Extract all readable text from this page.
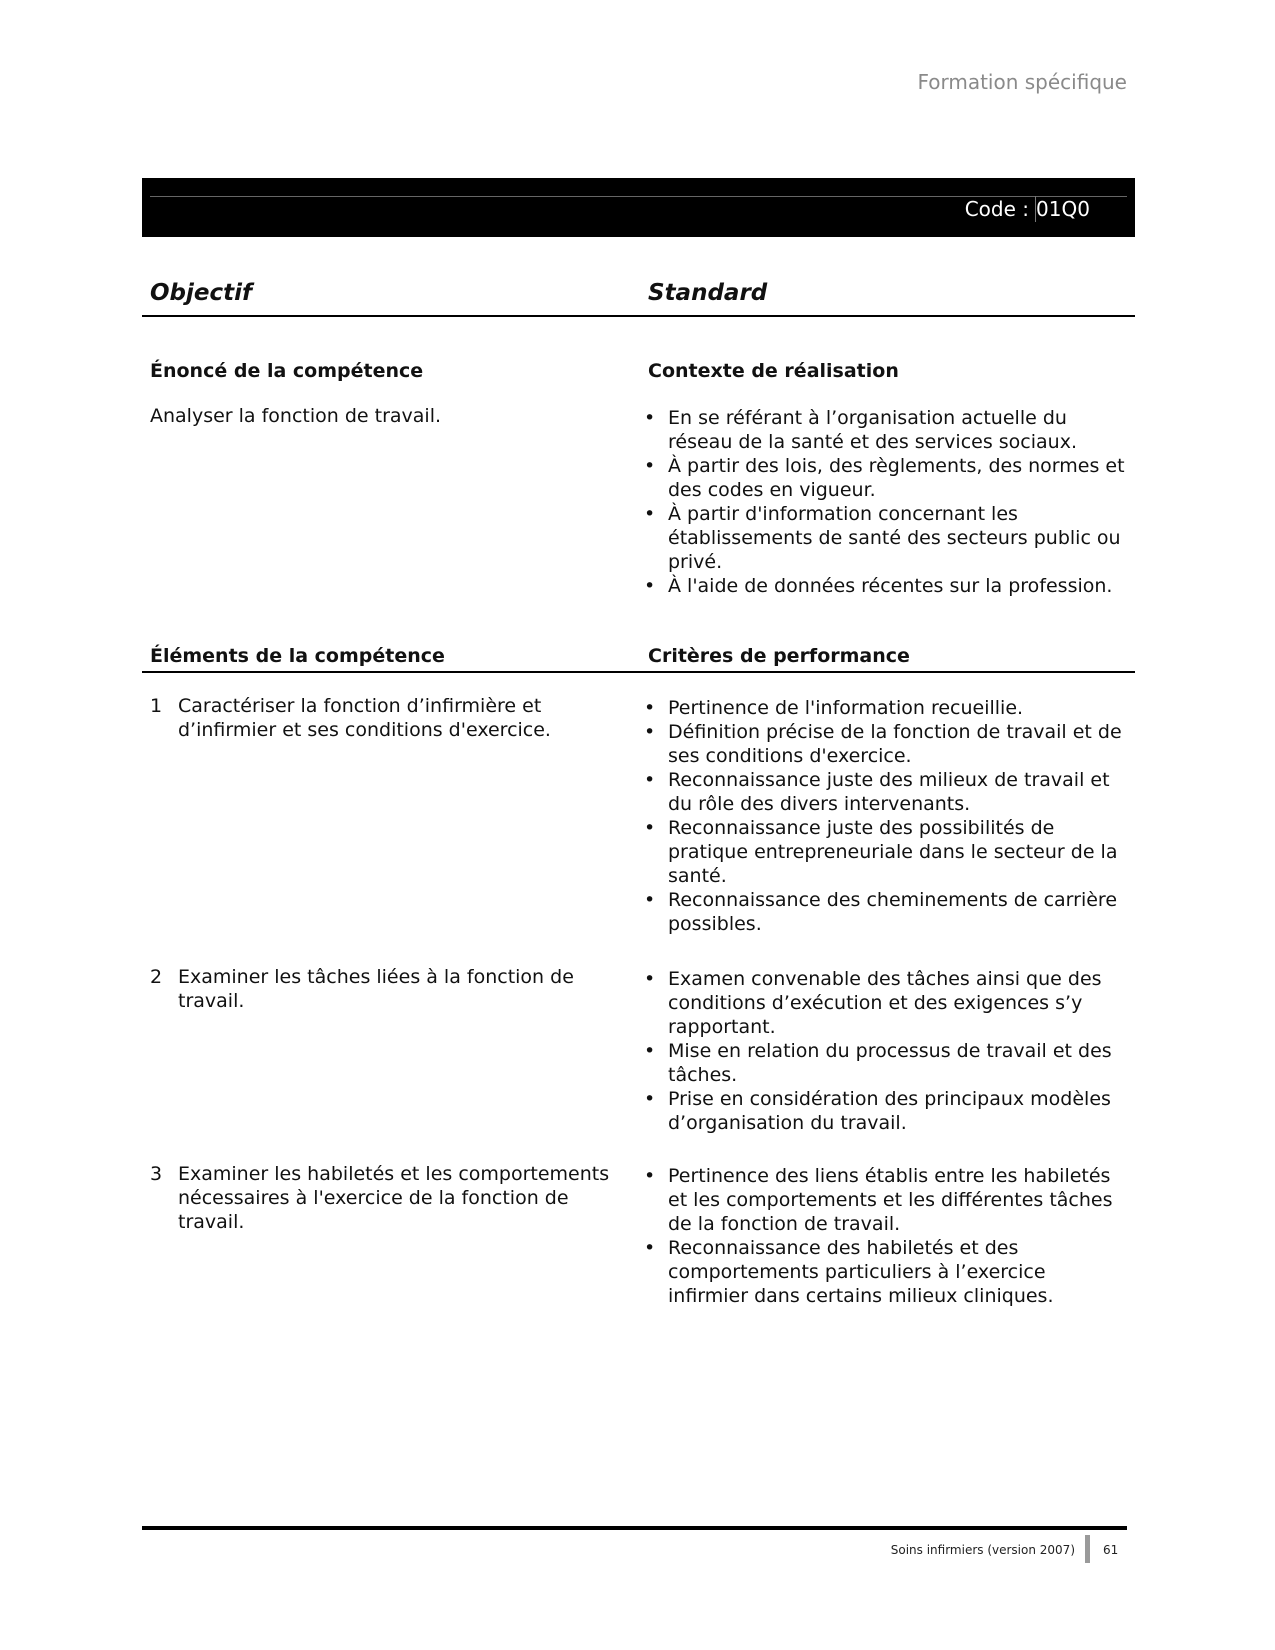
Formation spécifique
Code : 01Q0
Objectif	Standard
Énoncé de la compétence
Analyser la fonction de travail.
Contexte de réalisation
• En se référant à l’organisation actuelle du réseau de la santé et des services sociaux.
• À partir des lois, des règlements, des normes et des codes en vigueur.
• À partir d'information concernant les établissements de santé des secteurs public ou privé.
• À l'aide de données récentes sur la profession.
Éléments de la compétence	Critères de performance
1 Caractériser la fonction d’infirmière et d’infirmier et ses conditions d'exercice.
• Pertinence de l'information recueillie.
• Définition précise de la fonction de travail et de ses conditions d'exercice.
• Reconnaissance juste des milieux de travail et du rôle des divers intervenants.
• Reconnaissance juste des possibilités de pratique entrepreneuriale dans le secteur de la santé.
• Reconnaissance des cheminements de carrière possibles.
2 Examiner les tâches liées à la fonction de travail.
• Examen convenable des tâches ainsi que des conditions d’exécution et des exigences s’y rapportant.
• Mise en relation du processus de travail et des tâches.
• Prise en considération des principaux modèles d’organisation du travail.
3 Examiner les habiletés et les comportements nécessaires à l'exercice de la fonction de travail.
• Pertinence des liens établis entre les habiletés et les comportements et les différentes tâches de la fonction de travail.
• Reconnaissance des habiletés et des comportements particuliers à l’exercice infirmier dans certains milieux cliniques.
Soins infirmiers (version 2007) 61
